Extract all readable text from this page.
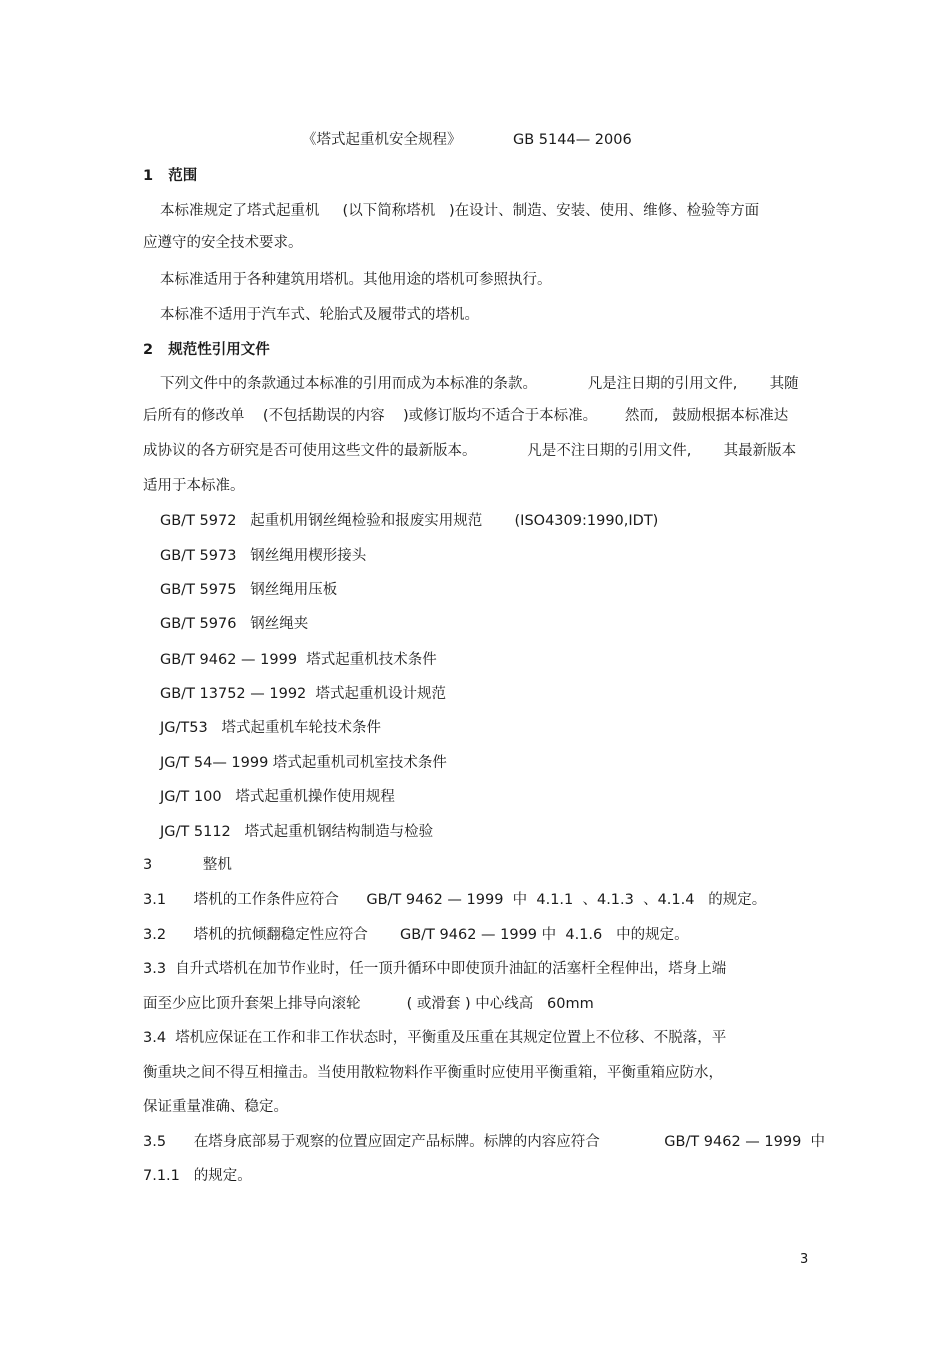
《塔式起重机安全规程》	GB 5144— 2006
1   范围
本标准规定了塔式起重机     (以下简称塔机   )在设计、制造、安装、使用、维修、检验等方面
应遵守的安全技术要求。
本标准适用于各种建筑用塔机。其他用途的塔机可参照执行。
本标准不适用于汽车式、轮胎式及履带式的塔机。
2   规范性引用文件
下列文件中的条款通过本标准的引用而成为本标准的条款。           凡是注日期的引用文件,       其随
后所有的修改单    (不包括勘误的内容    )或修订版均不适合于本标准。      然而,   鼓励根据本标准达
成协议的各方研究是否可使用这些文件的最新版本。           凡是不注日期的引用文件,       其最新版本
适用于本标准。
GB/T 5972   起重机用钢丝绳检验和报废实用规范       (ISO4309:1990,IDT)
GB/T 5973   钢丝绳用楔形接头
GB/T 5975   钢丝绳用压板
GB/T 5976   钢丝绳夹
GB/T 9462 — 1999  塔式起重机技术条件
GB/T 13752 — 1992  塔式起重机设计规范
JG/T53   塔式起重机车轮技术条件
JG/T 54— 1999 塔式起重机司机室技术条件
JG/T 100   塔式起重机操作使用规程
JG/T 5112   塔式起重机钢结构制造与检验
3           整机
3.1      塔机的工作条件应符合      GB/T 9462 — 1999  中  4.1.1  、4.1.3  、4.1.4   的规定。
3.2      塔机的抗倾翻稳定性应符合       GB/T 9462 — 1999 中  4.1.6   中的规定。
3.3  自升式塔机在加节作业时，任一顶升循环中即使顶升油缸的活塞杆全程伸出，塔身上端
面至少应比顶升套架上排导向滚轮          ( 或滑套 ) 中心线高   60mm
3.4  塔机应保证在工作和非工作状态时，平衡重及压重在其规定位置上不位移、不脱落，平
衡重块之间不得互相撞击。当使用散粒物料作平衡重时应使用平衡重箱，平衡重箱应防水，
保证重量准确、稳定。
3.5      在塔身底部易于观察的位置应固定产品标牌。标牌的内容应符合              GB/T 9462 — 1999  中
7.1.1   的规定。
3
